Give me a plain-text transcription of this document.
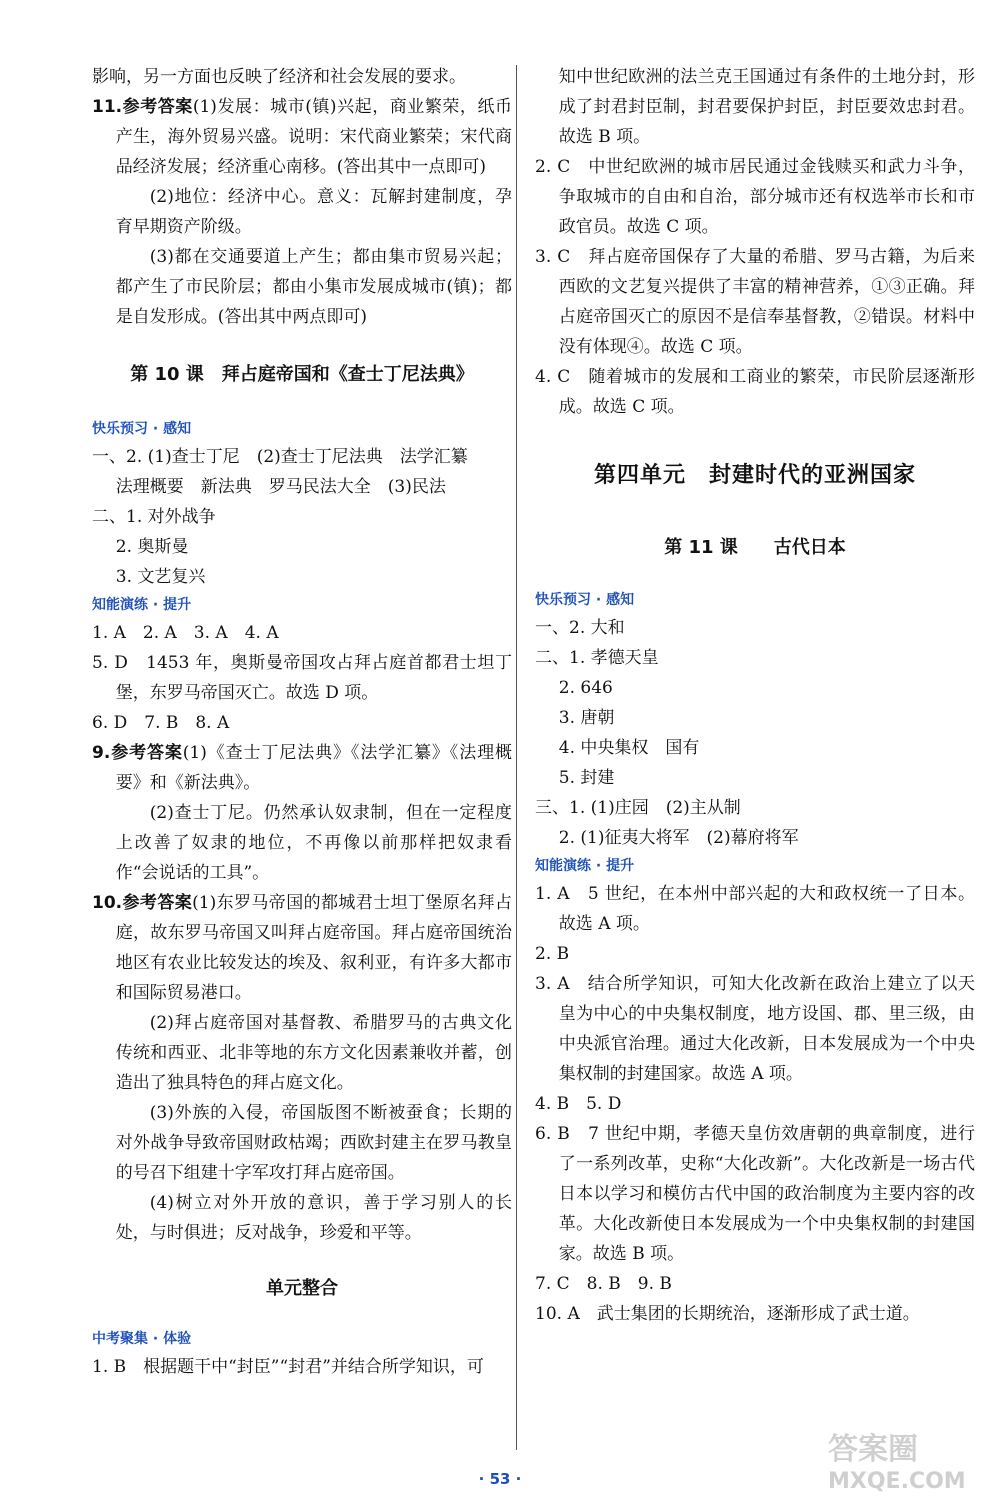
影响，另一方面也反映了经济和社会发展的要求。

11.参考答案(1)发展：城市(镇)兴起，商业繁荣，纸币产生，海外贸易兴盛。说明：宋代商业繁荣；宋代商品经济发展；经济重心南移。(答出其中一点即可)

(2)地位：经济中心。意义：瓦解封建制度，孕育早期资产阶级。

(3)都在交通要道上产生；都由集市贸易兴起；都产生了市民阶层；都由小集市发展成城市(镇)；都是自发形成。(答出其中两点即可)

第 10 课　拜占庭帝国和《查士丁尼法典》

快乐预习 · 感知

一、2. (1)查士丁尼　(2)查士丁尼法典　法学汇纂

法理概要　新法典　罗马民法大全　(3)民法

二、1. 对外战争

2. 奥斯曼

3. 文艺复兴

知能演练 · 提升

1. A　2. A　3. A　4. A

5. D　1453 年，奥斯曼帝国攻占拜占庭首都君士坦丁堡，东罗马帝国灭亡。故选 D 项。

6. D　7. B　8. A

9.参考答案(1)《查士丁尼法典》《法学汇纂》《法理概要》和《新法典》。

(2)查士丁尼。仍然承认奴隶制，但在一定程度上改善了奴隶的地位，不再像以前那样把奴隶看作“会说话的工具”。

10.参考答案(1)东罗马帝国的都城君士坦丁堡原名拜占庭，故东罗马帝国又叫拜占庭帝国。拜占庭帝国统治地区有农业比较发达的埃及、叙利亚，有许多大都市和国际贸易港口。

(2)拜占庭帝国对基督教、希腊罗马的古典文化传统和西亚、北非等地的东方文化因素兼收并蓄，创造出了独具特色的拜占庭文化。

(3)外族的入侵，帝国版图不断被蚕食；长期的对外战争导致帝国财政枯竭；西欧封建主在罗马教皇的号召下组建十字军攻打拜占庭帝国。

(4)树立对外开放的意识，善于学习别人的长处，与时俱进；反对战争，珍爱和平等。

单元整合

中考聚集 · 体验

1. B　根据题干中“封臣”“封君”并结合所学知识，可

知中世纪欧洲的法兰克王国通过有条件的土地分封，形成了封君封臣制，封君要保护封臣，封臣要效忠封君。故选 B 项。

2. C　中世纪欧洲的城市居民通过金钱赎买和武力斗争，争取城市的自由和自治，部分城市还有权选举市长和市政官员。故选 C 项。

3. C　拜占庭帝国保存了大量的希腊、罗马古籍，为后来西欧的文艺复兴提供了丰富的精神营养，①③正确。拜占庭帝国灭亡的原因不是信奉基督教，②错误。材料中没有体现④。故选 C 项。

4. C　随着城市的发展和工商业的繁荣，市民阶层逐渐形成。故选 C 项。

第四单元　封建时代的亚洲国家

第 11 课　　古代日本

快乐预习 · 感知

一、2. 大和

二、1. 孝德天皇

2. 646

3. 唐朝

4. 中央集权　国有

5. 封建

三、1. (1)庄园　(2)主从制

2. (1)征夷大将军　(2)幕府将军

知能演练 · 提升

1. A　5 世纪，在本州中部兴起的大和政权统一了日本。故选 A 项。

2. B

3. A　结合所学知识，可知大化改新在政治上建立了以天皇为中心的中央集权制度，地方设国、郡、里三级，由中央派官治理。通过大化改新，日本发展成为一个中央集权制的封建国家。故选 A 项。

4. B　5. D

6. B　7 世纪中期，孝德天皇仿效唐朝的典章制度，进行了一系列改革，史称“大化改新”。大化改新是一场古代日本以学习和模仿古代中国的政治制度为主要内容的改革。大化改新使日本发展成为一个中央集权制的封建国家。故选 B 项。

7. C　8. B　9. B

10. A　武士集团的长期统治，逐渐形成了武士道。

· 53 ·
答案圈
MXQE.COM
